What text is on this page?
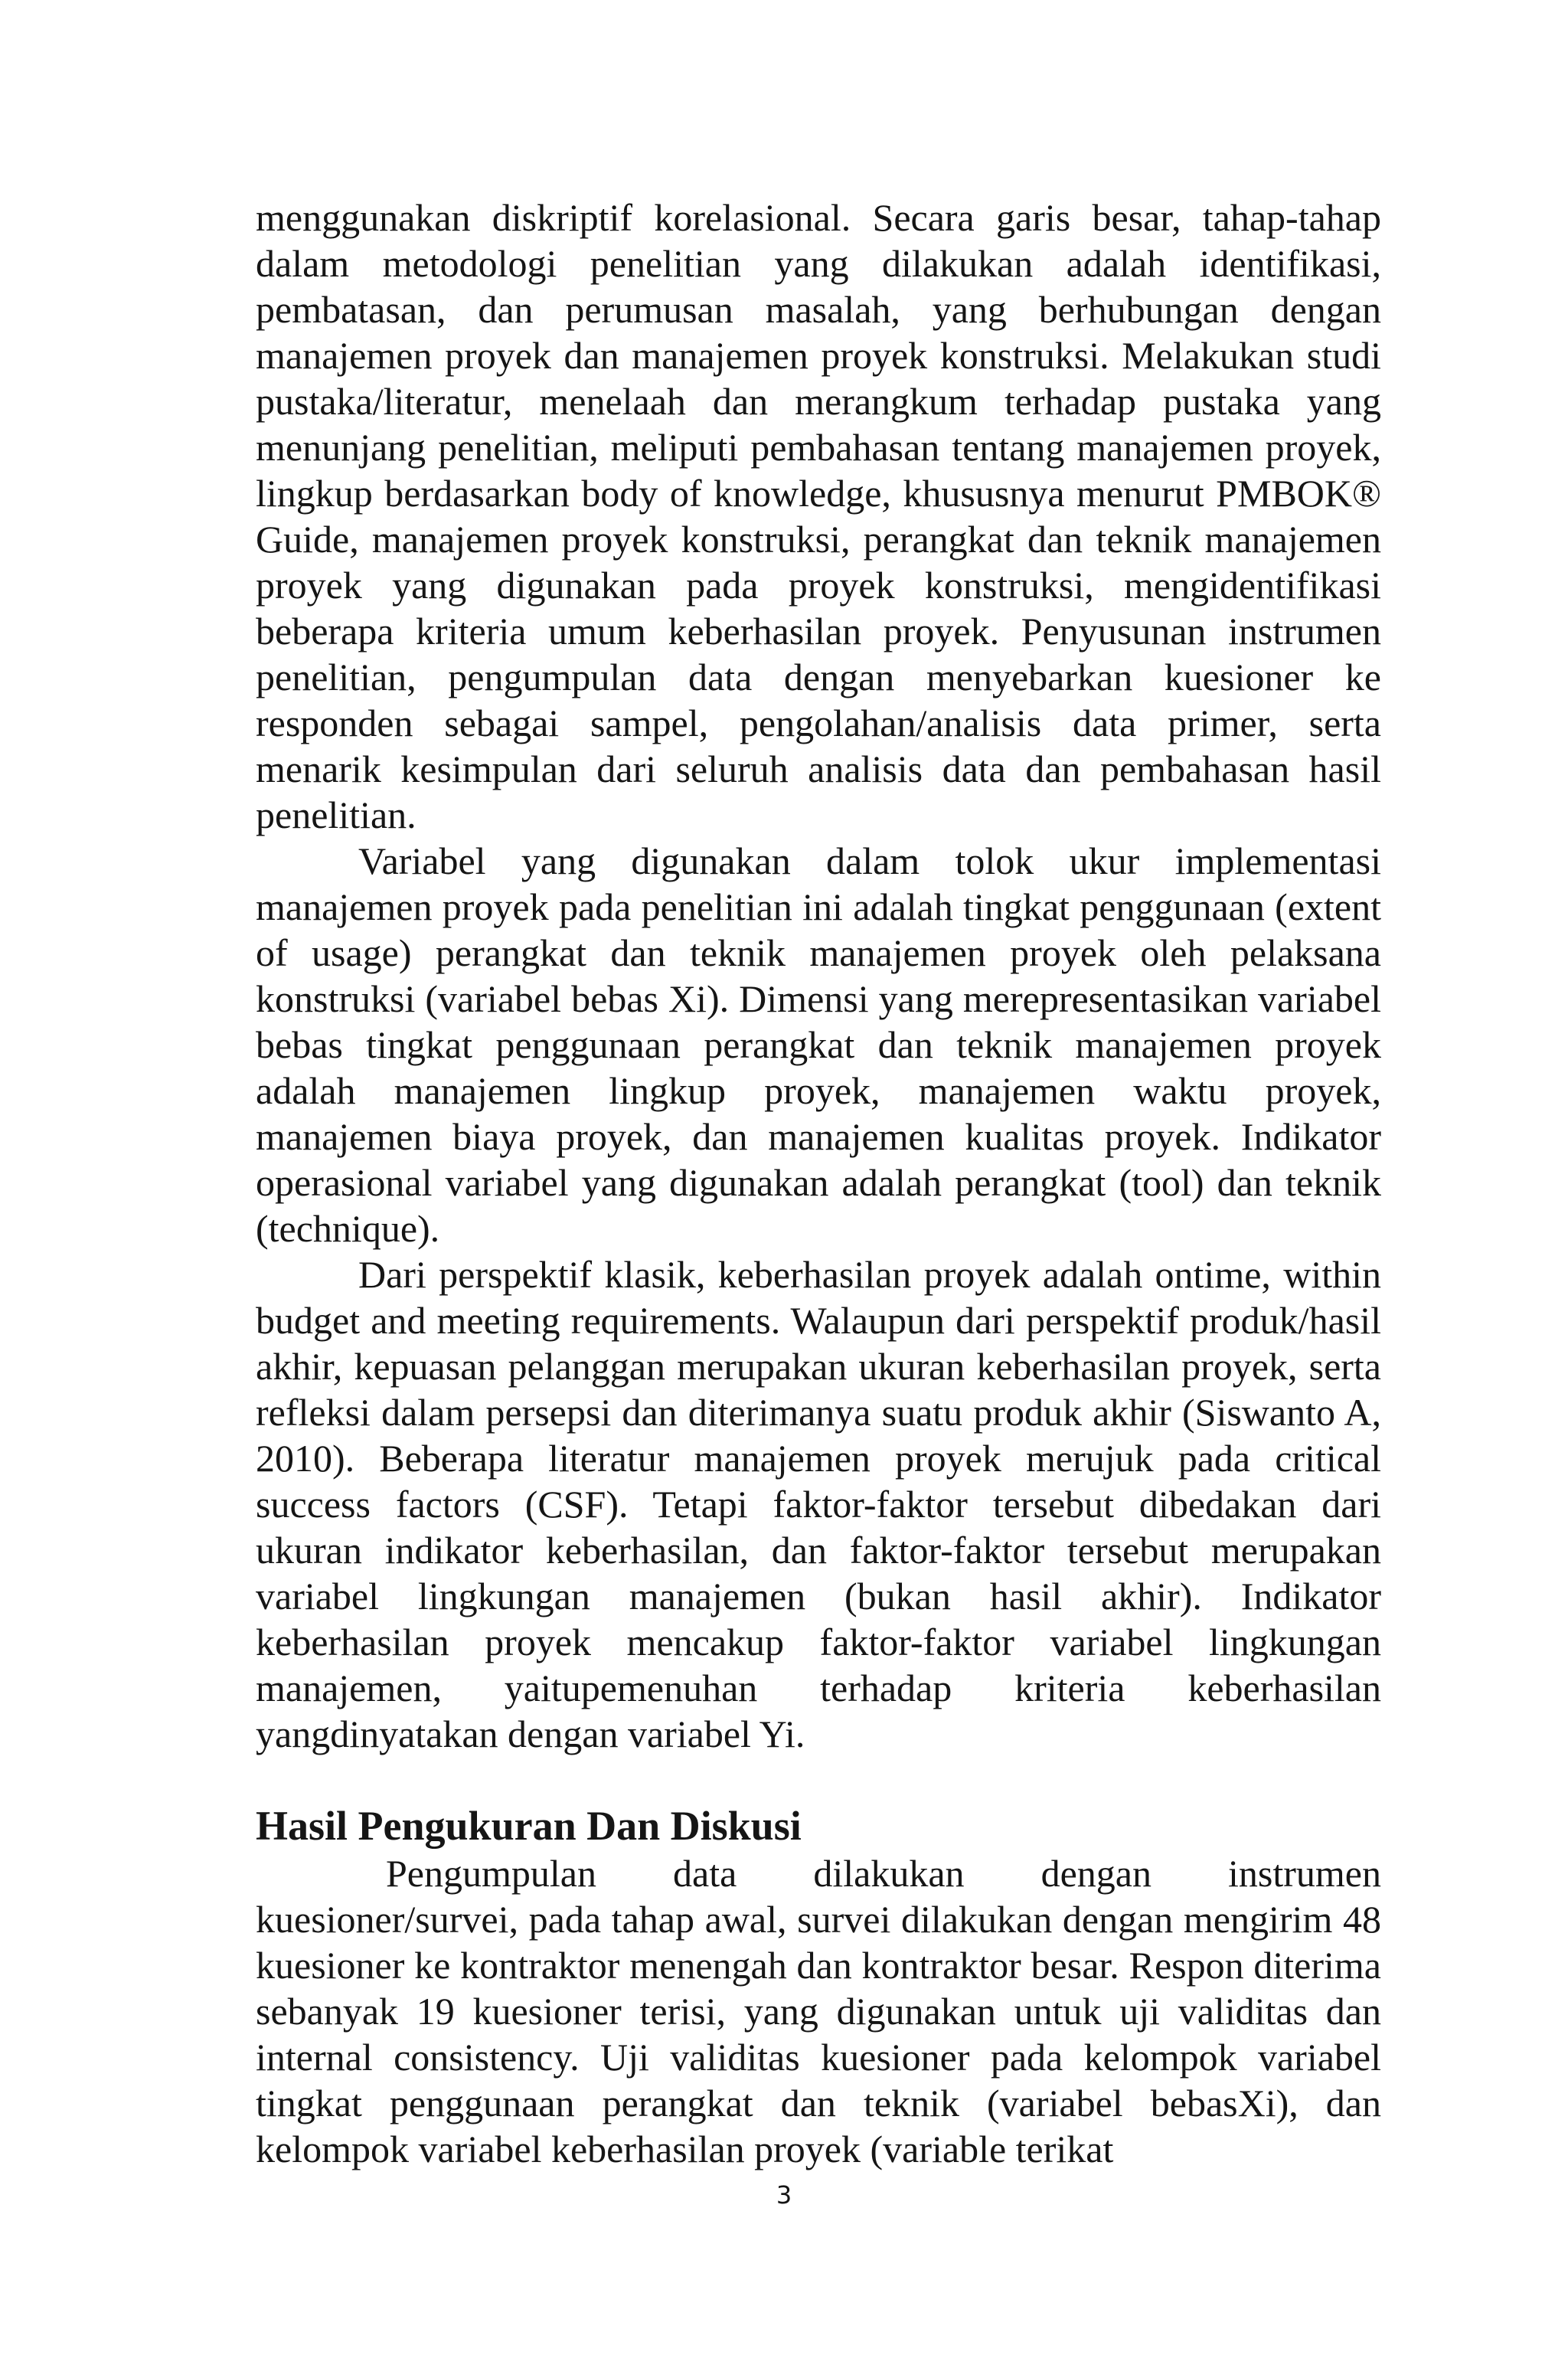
menggunakan diskriptif korelasional. Secara garis besar, tahap-tahap dalam metodologi penelitian yang dilakukan adalah identifikasi, pembatasan, dan perumusan masalah, yang berhubungan dengan manajemen proyek dan manajemen proyek konstruksi. Melakukan studi pustaka/literatur, menelaah dan merangkum terhadap pustaka yang menunjang penelitian, meliputi pembahasan tentang manajemen proyek, lingkup berdasarkan body of knowledge, khususnya menurut PMBOK® Guide, manajemen proyek konstruksi, perangkat dan teknik manajemen proyek yang digunakan pada proyek konstruksi, mengidentifikasi beberapa kriteria umum keberhasilan proyek. Penyusunan instrumen penelitian, pengumpulan data dengan menyebarkan kuesioner ke responden sebagai sampel, pengolahan/analisis data primer, serta menarik kesimpulan dari seluruh analisis data dan pembahasan hasil penelitian.

Variabel yang digunakan dalam tolok ukur implementasi manajemen proyek pada penelitian ini adalah tingkat penggunaan (extent of usage) perangkat dan teknik manajemen proyek oleh pelaksana konstruksi (variabel bebas Xi). Dimensi yang merepresentasikan variabel bebas tingkat penggunaan perangkat dan teknik manajemen proyek adalah manajemen lingkup proyek, manajemen waktu proyek, manajemen biaya proyek, dan manajemen kualitas proyek. Indikator operasional variabel yang digunakan adalah perangkat (tool) dan teknik (technique).

Dari perspektif klasik, keberhasilan proyek adalah ontime, within budget and meeting requirements. Walaupun dari perspektif produk/hasil akhir, kepuasan pelanggan merupakan ukuran keberhasilan proyek, serta refleksi dalam persepsi dan diterimanya suatu produk akhir (Siswanto A, 2010). Beberapa literatur manajemen proyek merujuk pada critical success factors (CSF). Tetapi faktor-faktor tersebut dibedakan dari ukuran indikator keberhasilan, dan faktor-faktor tersebut merupakan variabel lingkungan manajemen (bukan hasil akhir). Indikator keberhasilan proyek mencakup faktor-faktor variabel lingkungan manajemen, yaitupemenuhan terhadap kriteria keberhasilan yangdinyatakan dengan variabel Yi.

Hasil Pengukuran Dan Diskusi

Pengumpulan data dilakukan dengan instrumen kuesioner/survei, pada tahap awal, survei dilakukan dengan mengirim 48 kuesioner ke kontraktor menengah dan kontraktor besar. Respon diterima sebanyak 19 kuesioner terisi, yang digunakan untuk uji validitas dan internal consistency. Uji validitas kuesioner pada kelompok variabel tingkat penggunaan perangkat dan teknik (variabel bebasXi), dan kelompok variabel keberhasilan proyek (variable terikat

3
